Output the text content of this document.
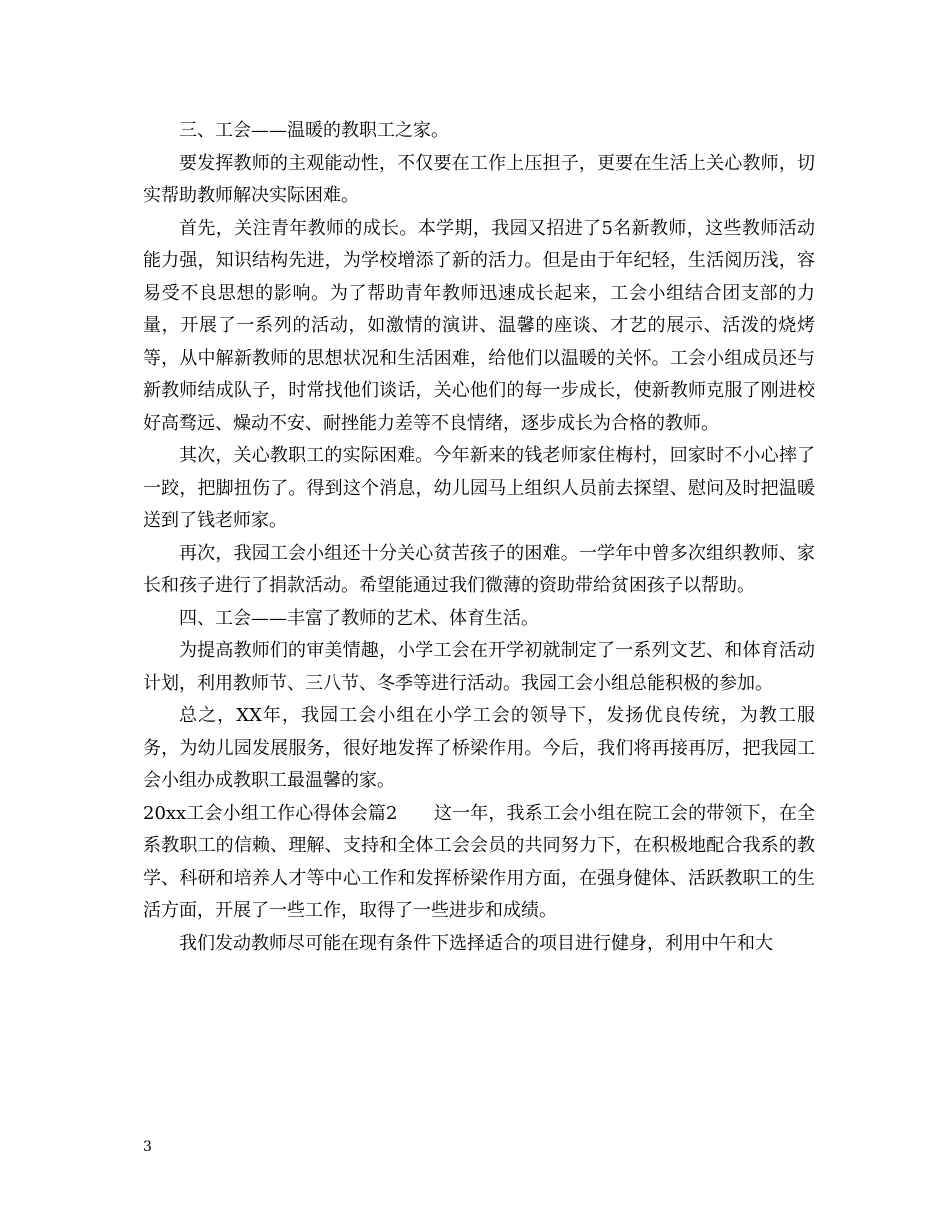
三、工会——温暖的教职工之家。

要发挥教师的主观能动性，不仅要在工作上压担子，更要在生活上关心教师，切实帮助教师解决实际困难。

首先，关注青年教师的成长。本学期，我园又招进了5名新教师，这些教师活动能力强，知识结构先进，为学校增添了新的活力。但是由于年纪轻，生活阅历浅，容易受不良思想的影响。为了帮助青年教师迅速成长起来，工会小组结合团支部的力量，开展了一系列的活动，如激情的演讲、温馨的座谈、才艺的展示、活泼的烧烤等，从中解新教师的思想状况和生活困难，给他们以温暖的关怀。工会小组成员还与新教师结成队子，时常找他们谈话，关心他们的每一步成长，使新教师克服了刚进校好高骛远、燥动不安、耐挫能力差等不良情绪，逐步成长为合格的教师。

其次，关心教职工的实际困难。今年新来的钱老师家住梅村，回家时不小心摔了一跤，把脚扭伤了。得到这个消息，幼儿园马上组织人员前去探望、慰问及时把温暖送到了钱老师家。

再次，我园工会小组还十分关心贫苦孩子的困难。一学年中曾多次组织教师、家长和孩子进行了捐款活动。希望能通过我们微薄的资助带给贫困孩子以帮助。

四、工会——丰富了教师的艺术、体育生活。

为提高教师们的审美情趣，小学工会在开学初就制定了一系列文艺、和体育活动计划，利用教师节、三八节、冬季等进行活动。我园工会小组总能积极的参加。

总之，XX年，我园工会小组在小学工会的领导下，发扬优良传统，为教工服务，为幼儿园发展服务，很好地发挥了桥梁作用。今后，我们将再接再厉，把我园工会小组办成教职工最温馨的家。

20xx工会小组工作心得体会篇2　　这一年，我系工会小组在院工会的带领下，在全系教职工的信赖、理解、支持和全体工会会员的共同努力下，在积极地配合我系的教学、科研和培养人才等中心工作和发挥桥梁作用方面，在强身健体、活跃教职工的生活方面，开展了一些工作，取得了一些进步和成绩。

我们发动教师尽可能在现有条件下选择适合的项目进行健身，利用中午和大

3
